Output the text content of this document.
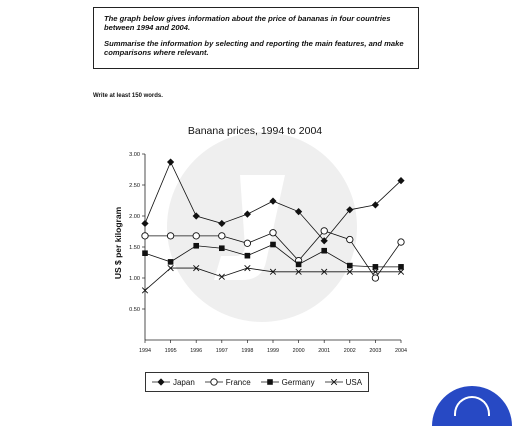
The graph below gives information about the price of bananas in four countries between 1994 and 2004.

Summarise the information by selecting and reporting the main features, and make comparisons where relevant.

Write at least 150 words.
Banana prices, 1994 to 2004
US $ per kilogram
0.50
1.00
1.50
2.00
2.50
3.00
1994	1995	1996	1997	1998	1999	2000	2001	2002	2003	2004
Japan	France	Germany	USA
